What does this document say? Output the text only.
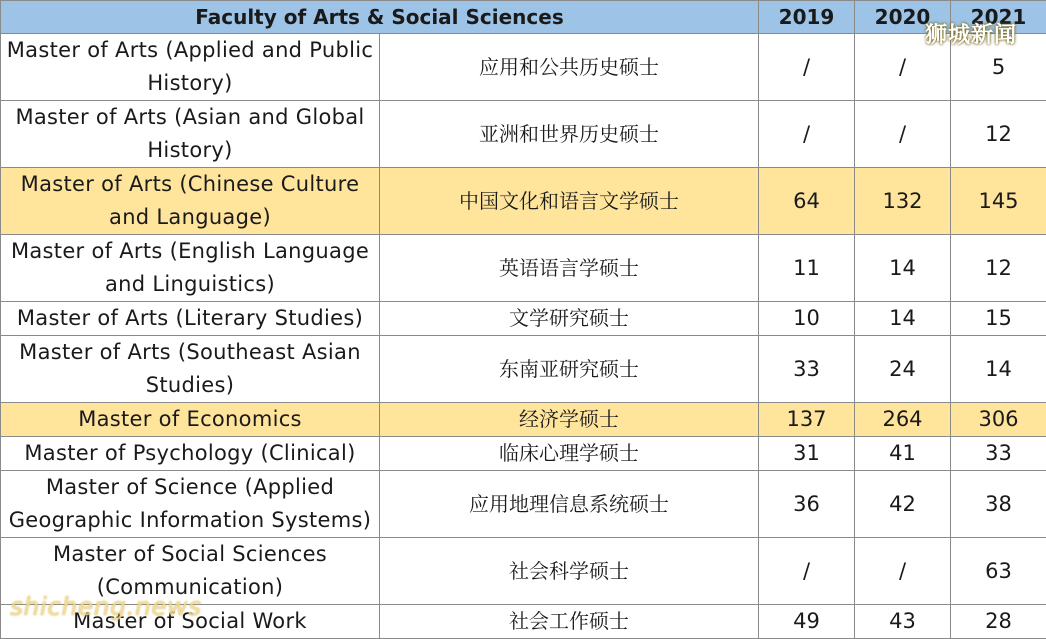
Faculty of Arts & Social Sciences		2019	2020	2021
Master of Arts (Applied and Public History)	应用和公共历史硕士	/	/	5
Master of Arts (Asian and Global History)	亚洲和世界历史硕士	/	/	12
Master of Arts (Chinese Culture and Language)	中国文化和语言文学硕士	64	132	145
Master of Arts (English Language and Linguistics)	英语语言学硕士	11	14	12
Master of Arts (Literary Studies)	文学研究硕士	10	14	15
Master of Arts (Southeast Asian Studies)	东南亚研究硕士	33	24	14
Master of Economics	经济学硕士	137	264	306
Master of Psychology (Clinical)	临床心理学硕士	31	41	33
Master of Science (Applied Geographic Information Systems)	应用地理信息系统硕士	36	42	38
Master of Social Sciences (Communication)	社会科学硕士	/	/	63
Master of Social Work	社会工作硕士	49	43	28
狮城新闻
shicheng.news
